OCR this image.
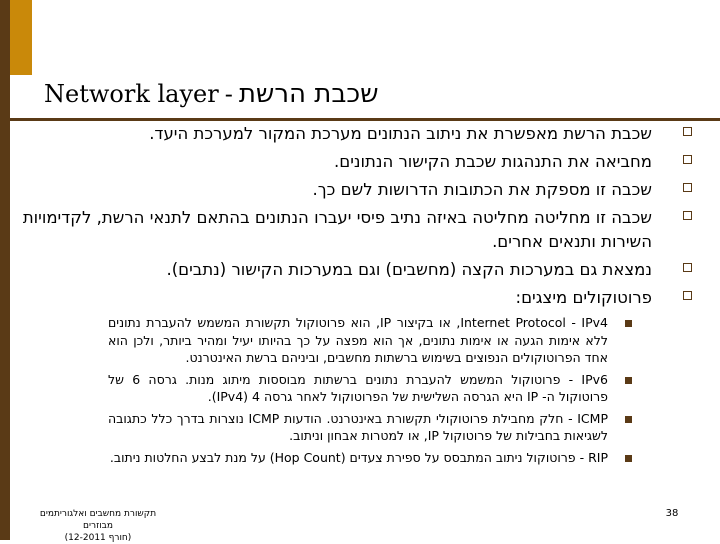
Network layer - שכבת הרשת
שכבת הרשת מאפשרת את ניתוב הנתונים מערכת המקור למערכת היעד.
מחביאה את התנהגות שכבת הקישור הנתונים.
שכבה זו מספקת את הכתובות הדרושות לשם כך.
שכבה זו מחליטה מחליטה באיזה נתיב פיסי יעברו הנתונים בהתאם לתנאי הרשת, לקדימויות השירות ותנאים אחרים.
נמצאת גם במערכות הקצה (מחשבים) וגם במערכות הקישור (נתבים).
פרוטוקולים מיצגים:
Internet Protocol - IPv4, או בקיצור IP, הוא פרוטוקול תקשורת המשמש להעברת נתונים ללא אימות הגעה או אימות נתונים, אך הוא מפצה על כך בהיותו יעיל ומהיר ביותר, ולכן הוא אחד הפרוטוקולים הנפוצים בשימוש ברשתות מחשבים, וביניהם ברשת האינטרנט.
IPv6 - פרוטוקול המשמש להעברת נתונים ברשתות מבוססות מיתוג מנות. גרסה 6 של פרוטוקול ה- IP היא הגרסה השלישית של הפרוטוקול לאחר גרסה 4 (IPv4).
ICMP - חלק מחבילת פרוטוקולי תקשורת באינטרנט. הודעות ICMP נוצרות בדרך כלל כתגובה לשגיאות בחבילות של פרוטוקול IP, או למטרות אבחון וניתוב.
RIP - פרוטוקול ניתוב המתבסס על ספירת צעדים (Hop Count) על מנת לבצע החלטות ניתוב.
תקשורת מחשבים ואלגוריתמים מבוזרים
(חורף 12-2011)
38
